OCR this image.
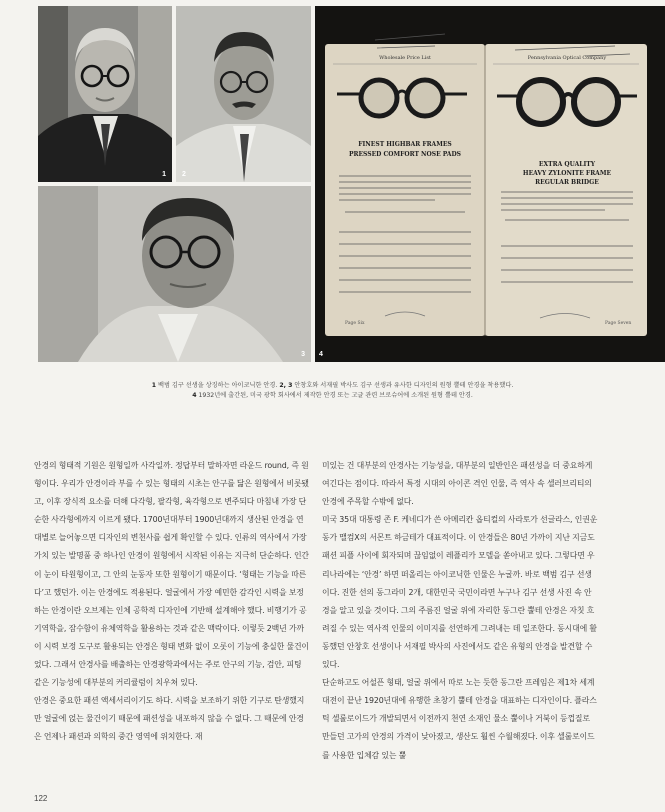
1 2
3
Wholesale Price List
FINEST HIGHBAR FRAMES
PRESSED COMFORT NOSE PADS
Page Six
Pennsylvania Optical Company
EXTRA QUALITY
HEAVY ZYLONITE FRAME
REGULAR BRIDGE
Page Seven
4
1 백범 김구 선생을 상징하는 아이코닉한 안경. 2, 3 안창호와 서재필 박사도 김구 선생과 유사한 디자인의 원형 뿔테 안경을 착용했다.
4 1932년에 출간된, 미국 광학 회사에서 제작한 안경 또는 고글 관련 브로슈어에 소개된 원형 뿔테 안경.

안경의 형태적 기원은 원형일까 사각일까. 정답부터 말하자면 라운드 round, 즉 원형이다. 우리가 안경이라 부를 수 있는 형태의 시초는 안구를 닮은 원형에서 비롯됐고, 이후 장식적 요소를 더해 다각형, 팔각형, 육각형으로 변주되다 마침내 가장 단순한 사각형에까지 이르게 됐다. 1700년대부터 1900년대까지 생산된 안경을 연대별로 늘어놓으면 디자인의 변천사를 쉽게 확인할 수 있다. 인류의 역사에서 가장 가치 있는 발명품 중 하나인 안경이 원형에서 시작된 이유는 지극히 단순하다. 인간이 눈이 타원형이고, 그 안의 눈동자 또한 원형이기 때문이다. ‘형태는 기능을 따른다’고 했던가. 이는 안경에도 적용된다. 얼굴에서 가장 예민한 감각인 시력을 보정하는 안경이란 오브제는 인체 공학적 디자인에 기반해 설계해야 했다. 비행기가 공기역학을, 잠수함이 유체역학을 활용하는 것과 같은 맥락이다. 이렇듯 2백년 가까이 시력 보정 도구로 활용되는 안경은 형태 변화 없이 오롯이 기능에 충실한 물건이었다. 그래서 안경사를 배출하는 안경광학과에서는 주로 안구의 기능, 검안, 피팅 같은 기능성에 대부분의 커리큘럼이 치우쳐 있다.

안경은 중요한 패션 액세서리이기도 하다. 시력을 보조하기 위한 기구로 탄생했지만 얼굴에 얹는 물건이기 때문에 패션성을 내포하지 않을 수 없다. 그 때문에 안경은 언제나 패션과 의학의 중간 영역에 위치한다. 재

미있는 건 대부분의 안경사는 기능성을, 대부분의 일반인은 패션성을 더 중요하게 여긴다는 점이다. 따라서 특정 시대의 아이콘 격인 인물, 즉 역사 속 셀러브리티의 안경에 주목할 수밖에 없다.

미국 35대 대통령 존 F. 케네디가 쓴 아메리칸 옵티컬의 사라토가 선글라스, 인권운동가 맬컴X의 서몬트 하금테가 대표적이다. 이 안경들은 80년 가까이 지난 지금도 패션 피플 사이에 회자되며 끊임없이 레플리카 모델을 쏟아내고 있다. 그렇다면 우리나라에는 ‘안경’ 하면 떠올리는 아이코닉한 인물은 누굴까. 바로 백범 김구 선생이다. 진한 선의 동그라미 2개, 대한민국 국민이라면 누구나 김구 선생 사진 속 안경을 알고 있을 것이다. 그의 주름진 얼굴 위에 자리한 동그란 뿔테 안경은 자칫 흐려질 수 있는 역사적 인물의 이미지를 선연하게 그려내는 데 일조한다. 동시대에 활동했던 안창호 선생이나 서재필 박사의 사진에서도 같은 유형의 안경을 발견할 수 있다.

단순하고도 어설픈 형태, 얼굴 위에서 따로 노는 듯한 동그란 프레임은 제1차 세계대전이 끝난 1920년대에 유행한 초창기 뿔테 안경을 대표하는 디자인이다. 플라스틱 셀룰로이드가 개발되면서 이전까지 천연 소재인 물소 뿔이나 거북이 등껍질로 만들던 고가의 안경의 가격이 낮아졌고, 생산도 훨씬 수월해졌다. 이후 셀룰로이드를 사용한 입체감 있는 뿔

122
